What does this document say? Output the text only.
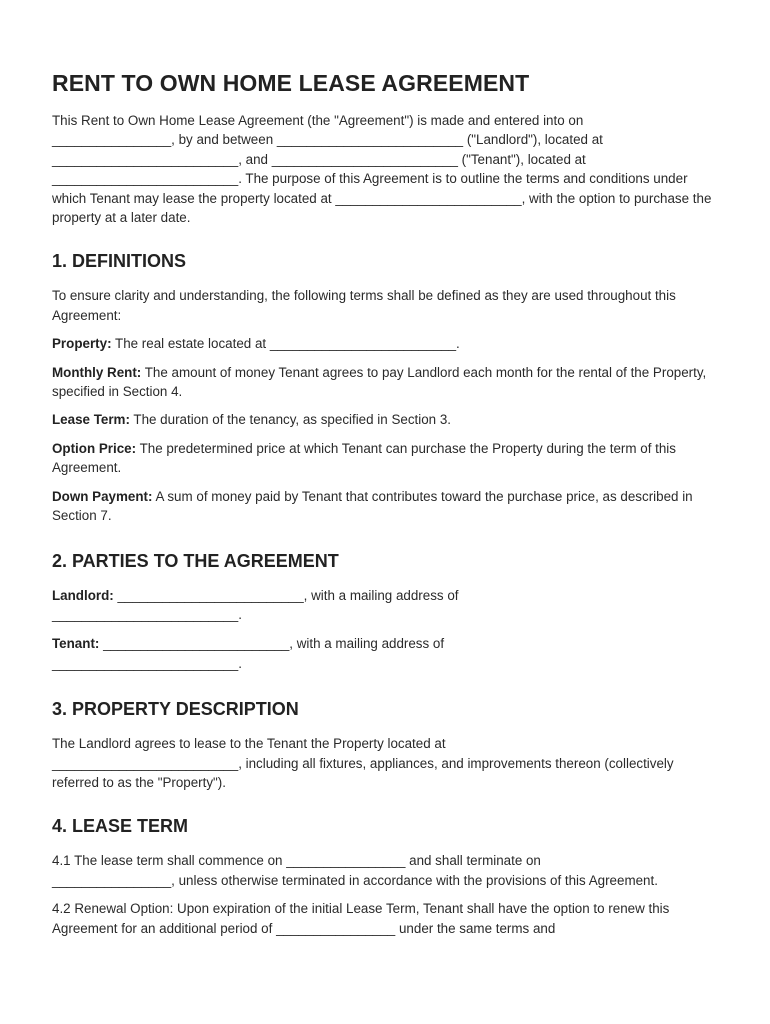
RENT TO OWN HOME LEASE AGREEMENT

This Rent to Own Home Lease Agreement (the "Agreement") is made and entered into on
________________, by and between _________________________ ("Landlord"), located at
_________________________, and _________________________ ("Tenant"), located at
_________________________. The purpose of this Agreement is to outline the terms and conditions under which Tenant may lease the property located at _________________________, with the option to purchase the property at a later date.

1. DEFINITIONS

To ensure clarity and understanding, the following terms shall be defined as they are used throughout this Agreement:

Property: The real estate located at _________________________.

Monthly Rent: The amount of money Tenant agrees to pay Landlord each month for the rental of the Property, specified in Section 4.

Lease Term: The duration of the tenancy, as specified in Section 3.

Option Price: The predetermined price at which Tenant can purchase the Property during the term of this Agreement.

Down Payment: A sum of money paid by Tenant that contributes toward the purchase price, as described in Section 7.

2. PARTIES TO THE AGREEMENT

Landlord: _________________________, with a mailing address of
_________________________.

Tenant: _________________________, with a mailing address of
_________________________.

3. PROPERTY DESCRIPTION

The Landlord agrees to lease to the Tenant the Property located at
_________________________, including all fixtures, appliances, and improvements thereon (collectively referred to as the "Property").

4. LEASE TERM

4.1 The lease term shall commence on ________________ and shall terminate on
________________, unless otherwise terminated in accordance with the provisions of this Agreement.

4.2 Renewal Option: Upon expiration of the initial Lease Term, Tenant shall have the option to renew this Agreement for an additional period of ________________ under the same terms and
